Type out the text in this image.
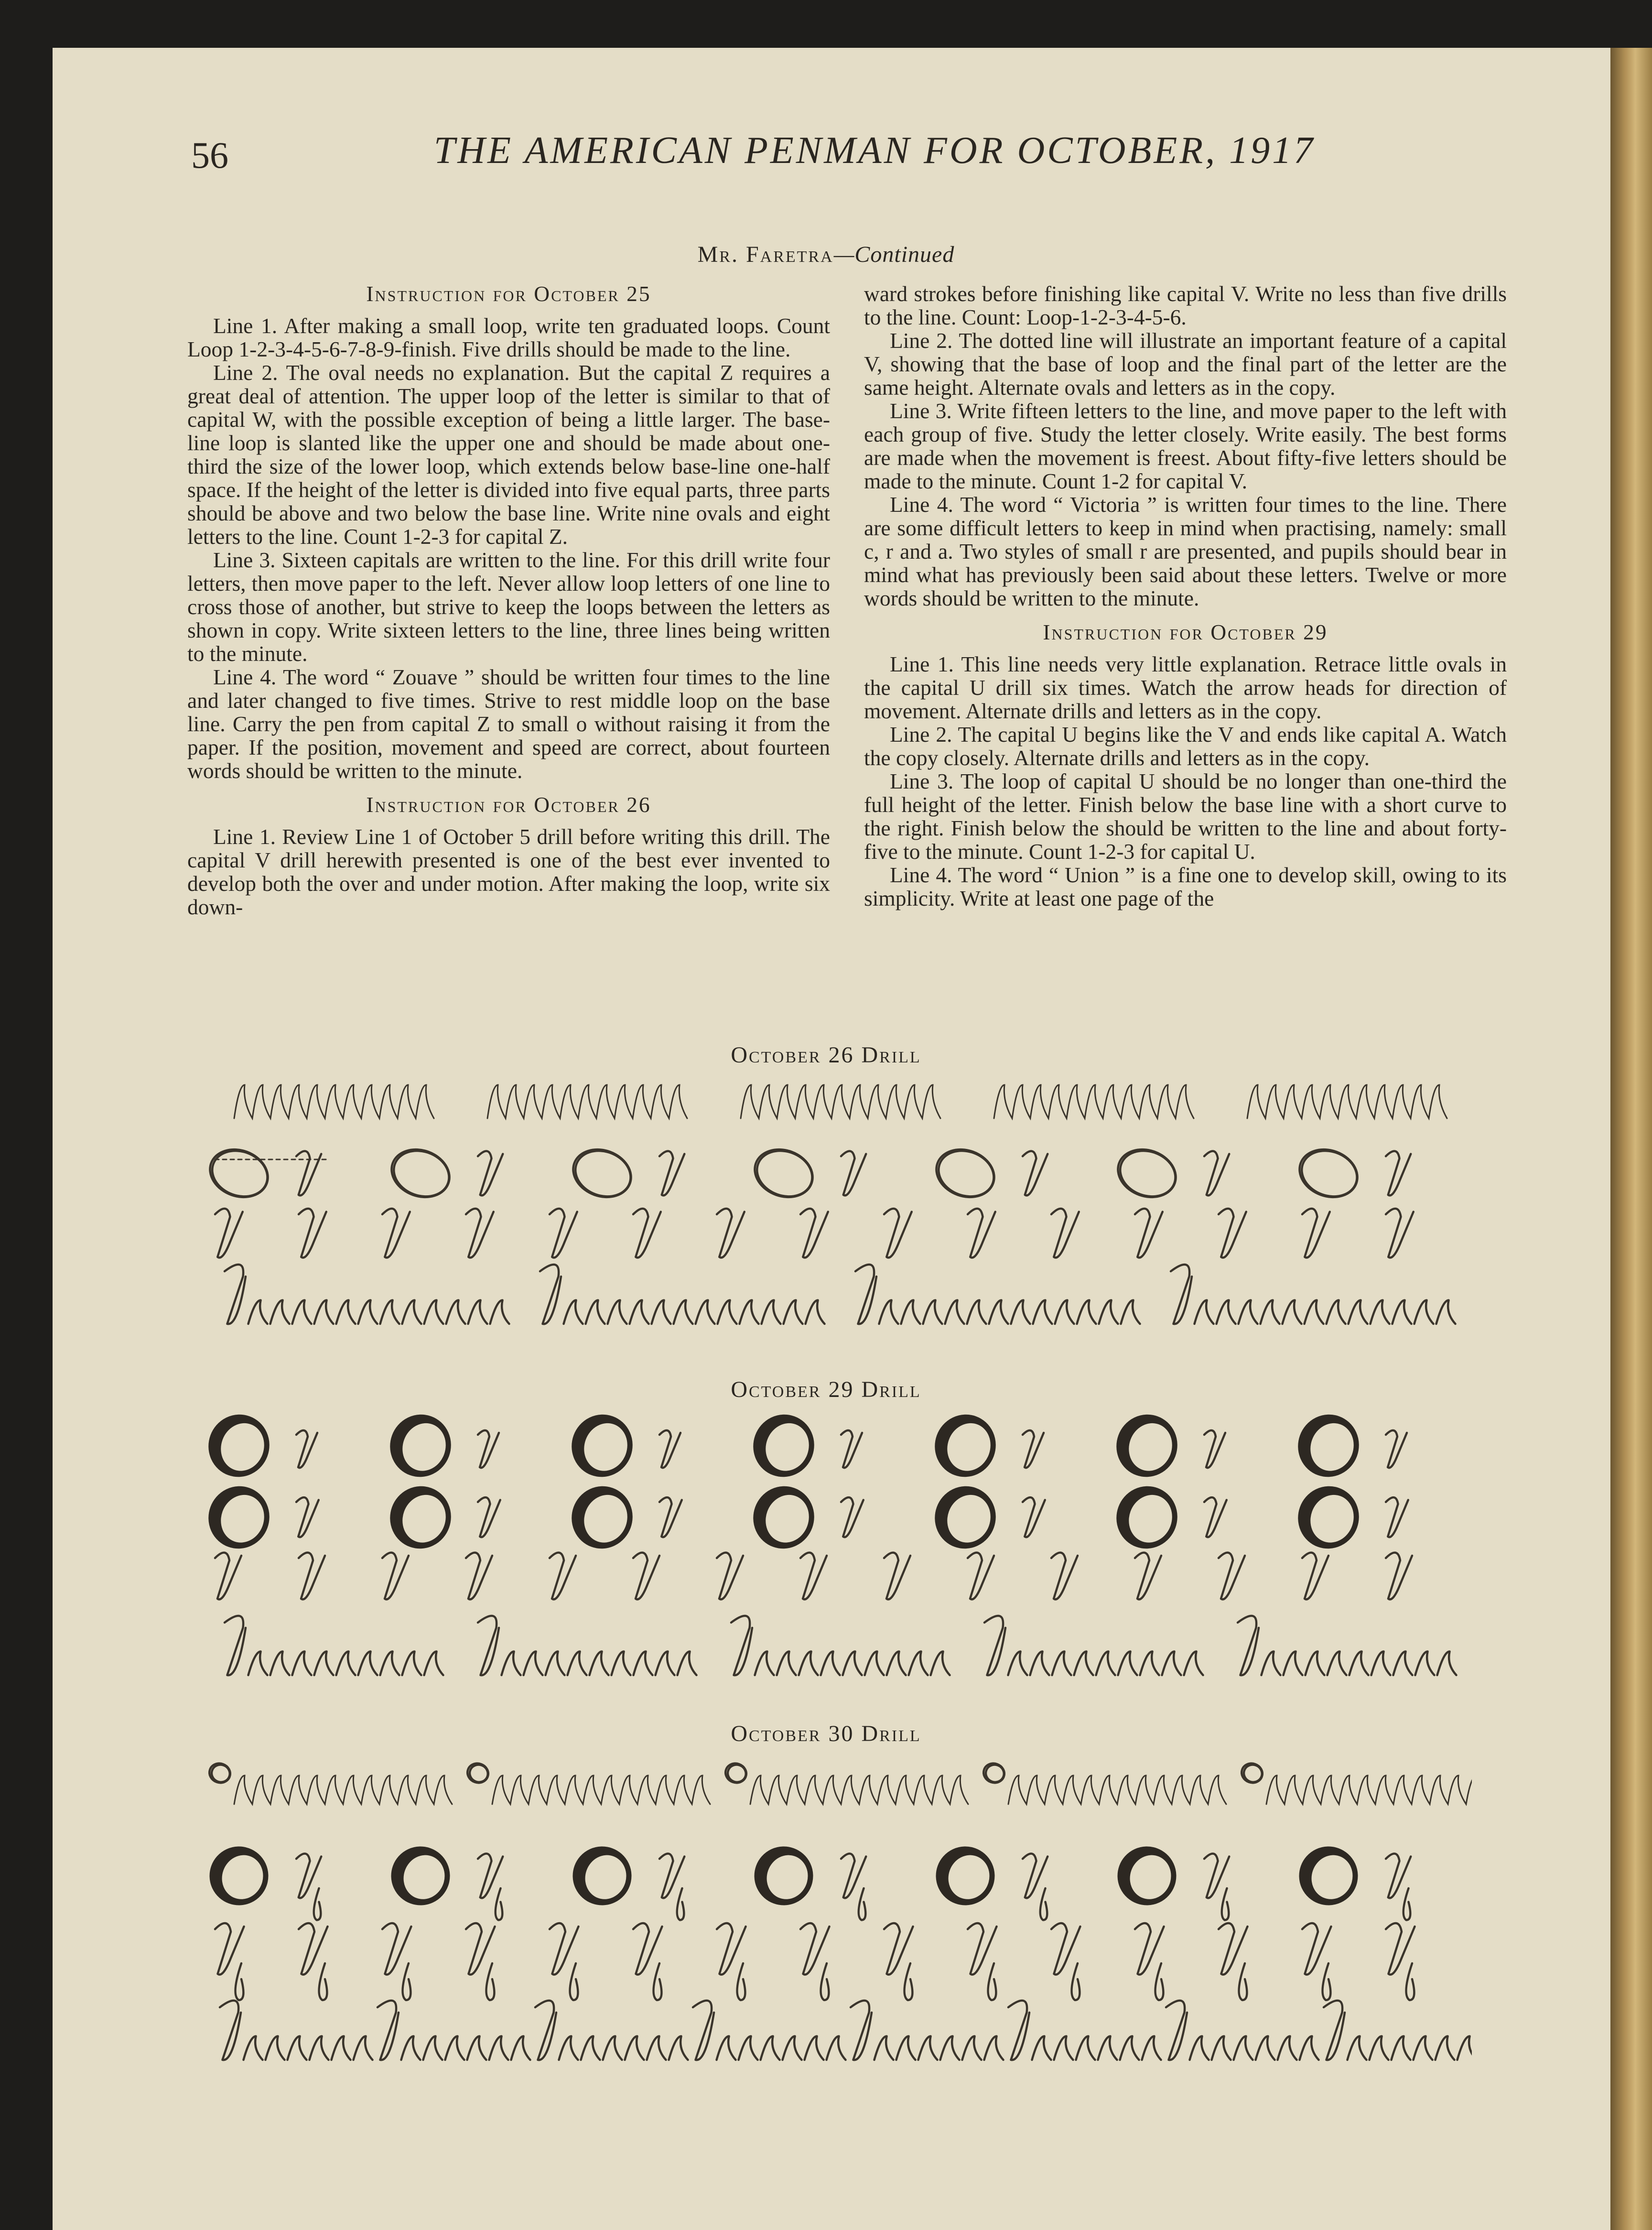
56	THE AMERICAN PENMAN FOR OCTOBER, 1917
Mr. Faretra—Continued

Instruction for October 25

Line 1. After making a small loop, write ten graduated loops. Count Loop 1-2-3-4-5-6-7-8-9-finish. Five drills should be made to the line.

Line 2. The oval needs no explanation. But the capital Z requires a great deal of attention. The upper loop of the letter is similar to that of capital W, with the possible exception of being a little larger. The base-line loop is slanted like the upper one and should be made about one-third the size of the lower loop, which extends below base-line one-half space. If the height of the letter is divided into five equal parts, three parts should be above and two below the base line. Write nine ovals and eight letters to the line. Count 1-2-3 for capital Z.

Line 3. Sixteen capitals are written to the line. For this drill write four letters, then move paper to the left. Never allow loop letters of one line to cross those of another, but strive to keep the loops between the letters as shown in copy. Write sixteen letters to the line, three lines being written to the minute.

Line 4. The word “ Zouave ” should be written four times to the line and later changed to five times. Strive to rest middle loop on the base line. Carry the pen from capital Z to small o without raising it from the paper. If the position, movement and speed are correct, about fourteen words should be written to the minute.

Instruction for October 26

Line 1. Review Line 1 of October 5 drill before writing this drill. The capital V drill herewith presented is one of the best ever invented to develop both the over and under motion. After making the loop, write six down-

ward strokes before finishing like capital V. Write no less than five drills to the line. Count: Loop-1-2-3-4-5-6.

Line 2. The dotted line will illustrate an important feature of a capital V, showing that the base of loop and the final part of the letter are the same height. Alternate ovals and letters as in the copy.

Line 3. Write fifteen letters to the line, and move paper to the left with each group of five. Study the letter closely. Write easily. The best forms are made when the movement is freest. About fifty-five letters should be made to the minute. Count 1-2 for capital V.

Line 4. The word “ Victoria ” is written four times to the line. There are some difficult letters to keep in mind when practising, namely: small c, r and a. Two styles of small r are presented, and pupils should bear in mind what has previously been said about these letters. Twelve or more words should be written to the minute.

Instruction for October 29

Line 1. This line needs very little explanation. Retrace little ovals in the capital U drill six times. Watch the arrow heads for direction of movement. Alternate drills and letters as in the copy.

Line 2. The capital U begins like the V and ends like capital A. Watch the copy closely. Alternate drills and letters as in the copy.

Line 3. The loop of capital U should be no longer than one-third the full height of the letter. Finish below the base line with a short curve to the right. Finish below the should be written to the line and about forty-five to the minute. Count 1-2-3 for capital U.

Line 4. The word “ Union ” is a fine one to develop skill, owing to its simplicity. Write at least one page of the

October 26 Drill
October 29 Drill
October 30 Drill
